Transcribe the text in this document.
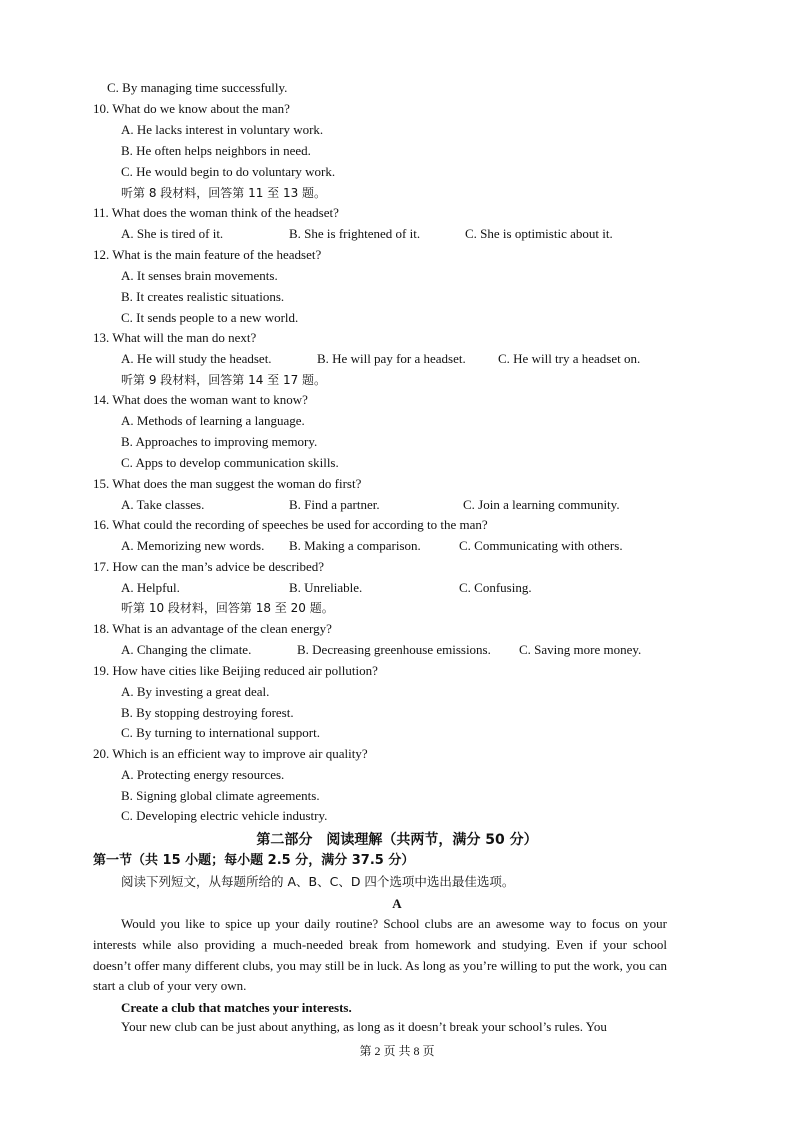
C. By managing time successfully.
10. What do we know about the man?
A. He lacks interest in voluntary work.
B. He often helps neighbors in need.
C. He would begin to do voluntary work.
听第 8 段材料，回答第 11 至 13 题。
11. What does the woman think of the headset?
A. She is tired of it.	B. She is frightened of it.	C. She is optimistic about it.
12. What is the main feature of the headset?
A. It senses brain movements.
B. It creates realistic situations.
C. It sends people to a new world.
13. What will the man do next?
A. He will study the headset.	B. He will pay for a headset. C. He will try a headset on.
听第 9 段材料，回答第 14 至 17 题。
14. What does the woman want to know?
A. Methods of learning a language.
B. Approaches to improving memory.
C. Apps to develop communication skills.
15. What does the man suggest the woman do first?
A. Take classes.	B. Find a partner.	C. Join a learning community.
16. What could the recording of speeches be used for according to the man?
A. Memorizing new words. B. Making a comparison.	C. Communicating with others.
17. How can the man’s advice be described?
A. Helpful.	B. Unreliable.	C. Confusing.
听第 10 段材料，回答第 18 至 20 题。
18. What is an advantage of the clean energy?
A. Changing the climate.	B. Decreasing greenhouse emissions. C. Saving more money.
19. How have cities like Beijing reduced air pollution?
A. By investing a great deal.
B. By stopping destroying forest.
C. By turning to international support.
20. Which is an efficient way to improve air quality?
A. Protecting energy resources.
B. Signing global climate agreements.
C. Developing electric vehicle industry.
第二部分　阅读理解（共两节，满分 50 分）
第一节（共 15 小题；每小题 2.5 分，满分 37.5 分）
阅读下列短文，从每题所给的 A、B、C、D 四个选项中选出最佳选项。
A

Would you like to spice up your daily routine? School clubs are an awesome way to focus on your interests while also providing a much-needed break from homework and studying. Even if your school doesn’t offer many different clubs, you may still be in luck. As long as you’re willing to put the work, you can start a club of your very own.

Create a club that matches your interests.

Your new club can be just about anything, as long as it doesn’t break your school’s rules. You

第 2 页 共 8 页
